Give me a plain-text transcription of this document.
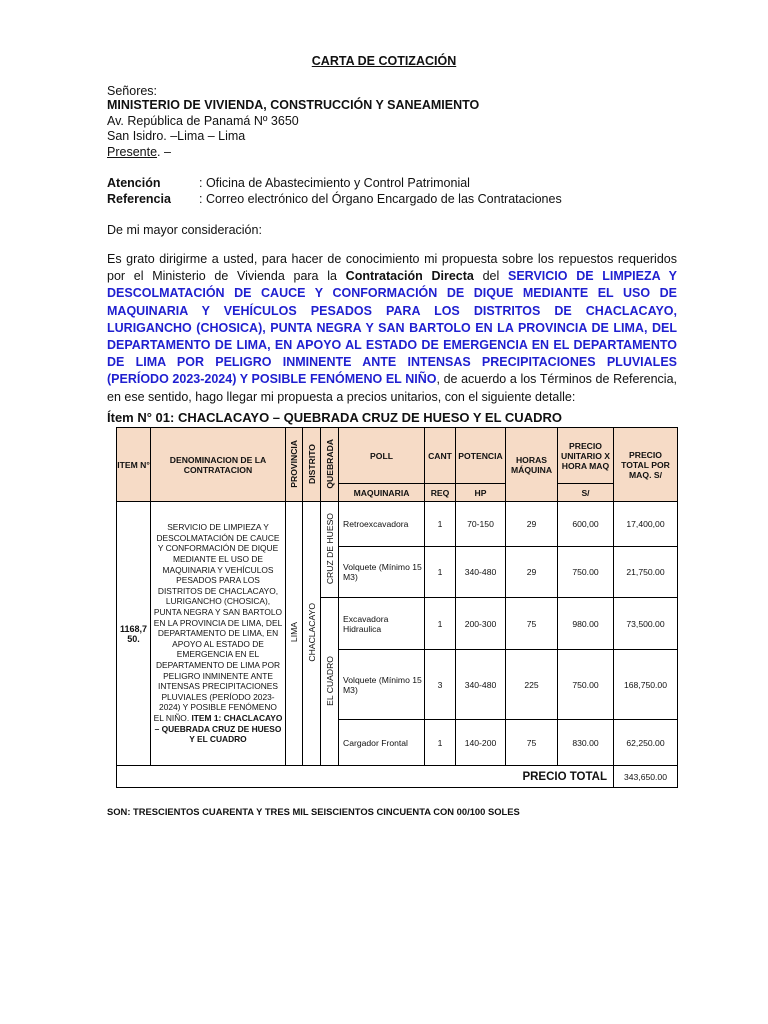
CARTA DE COTIZACIÓN
Señores:
MINISTERIO DE VIVIENDA, CONSTRUCCIÓN Y SANEAMIENTO
Av. República de Panamá Nº 3650
San Isidro. –Lima – Lima
Presente. –
Atención	: Oficina de Abastecimiento y Control Patrimonial
Referencia : Correo electrónico del Órgano Encargado de las Contrataciones
De mi mayor consideración:
Es grato dirigirme a usted, para hacer de conocimiento mi propuesta sobre los repuestos requeridos por el Ministerio de Vivienda para la Contratación Directa del SERVICIO DE LIMPIEZA Y DESCOLMATACIÓN DE CAUCE Y CONFORMACIÓN DE DIQUE MEDIANTE EL USO DE MAQUINARIA Y VEHÍCULOS PESADOS PARA LOS DISTRITOS DE CHACLACAYO, LURIGANCHO (CHOSICA), PUNTA NEGRA Y SAN BARTOLO EN LA PROVINCIA DE LIMA, DEL DEPARTAMENTO DE LIMA, EN APOYO AL ESTADO DE EMERGENCIA EN EL DEPARTAMENTO DE LIMA POR PELIGRO INMINENTE ANTE INTENSAS PRECIPITACIONES PLUVIALES (PERÍODO 2023-2024) Y POSIBLE FENÓMENO EL NIÑO, de acuerdo a los Términos de Referencia, en ese sentido, hago llegar mi propuesta a precios unitarios, con el siguiente detalle:
Ítem N° 01: CHACLACAYO – QUEBRADA CRUZ DE HUESO Y EL CUADRO
ITEM N°	DENOMINACION DE LA CONTRATACION	PROVINCIA	DISTRITO	QUEBRADA	POLL	CANT	POTENCIA	HORAS MÁQUINA	PRECIO UNITARIO X HORA MAQ	PRECIO TOTAL POR MAQ. S/
					MAQUINARIA	REQ	HP		S/	
1168,7 50.	SERVICIO DE LIMPIEZA Y DESCOLMATACIÓN DE CAUCE Y CONFORMACIÓN DE DIQUE MEDIANTE EL USO DE MAQUINARIA Y VEHÍCULOS PESADOS PARA LOS DISTRITOS DE CHACLACAYO, LURIGANCHO (CHOSICA), PUNTA NEGRA Y SAN BARTOLO EN LA PROVINCIA DE LIMA, DEL DEPARTAMENTO DE LIMA, EN APOYO AL ESTADO DE EMERGENCIA EN EL DEPARTAMENTO DE LIMA POR PELIGRO INMINENTE ANTE INTENSAS PRECIPITACIONES PLUVIALES (PERÍODO 2023-2024) Y POSIBLE FENÓMENO EL NIÑO. ITEM 1: CHACLACAYO – QUEBRADA CRUZ DE HUESO Y EL CUADRO	LIMA	CHACLACAYO	CRUZ DE HUESO	Retroexcavadora	1	70-150	29	600,00	17,400,00
					Volquete (Mínimo 15 M3)	1	340-480	29	750.00	21,750.00
				EL CUADRO	Excavadora Hidraulica	1	200-300	75	980.00	73,500.00
					Volquete (Mínimo 15 M3)	3	340-480	225	750.00	168,750.00
					Cargador Frontal	1	140-200	75	830.00	62,250.00
PRECIO TOTAL										343,650.00
SON: TRESCIENTOS CUARENTA Y TRES MIL SEISCIENTOS CINCUENTA CON 00/100 SOLES
